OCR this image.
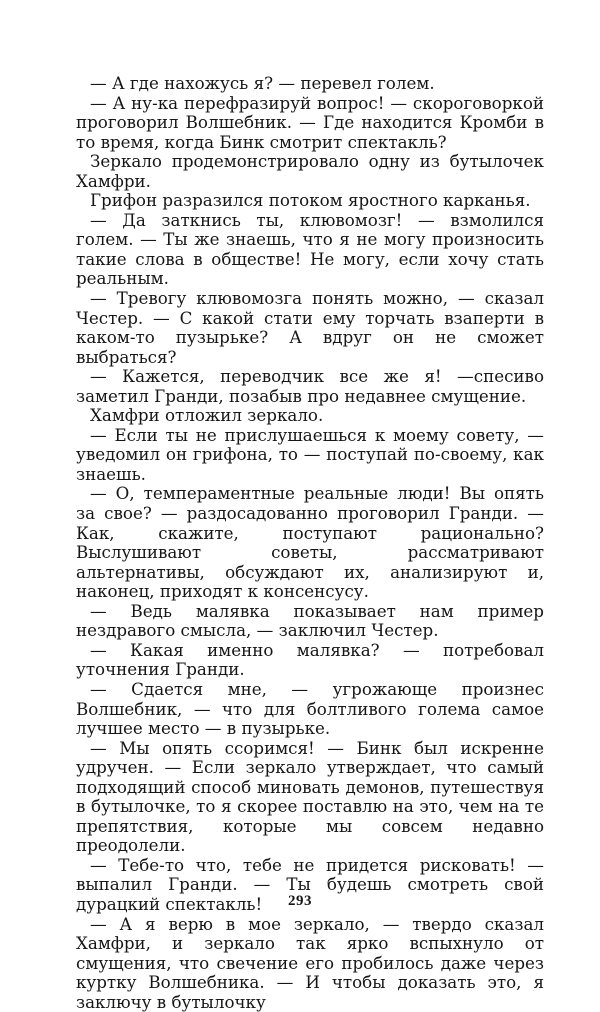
— А где нахожусь я? — перевел голем.

— А ну-ка перефразируй вопрос! — скороговоркой проговорил Волшебник. — Где находится Кромби в то время, когда Бинк смотрит спектакль?

Зеркало продемонстрировало одну из бутылочек Хамфри.

Грифон разразился потоком яростного карканья.

— Да заткнись ты, клювомозг! — взмолился голем. — Ты же знаешь, что я не могу произносить такие слова в обществе! Не могу, если хочу стать реальным.

— Тревогу клювомозга понять можно, — сказал Честер. — С какой стати ему торчать взаперти в каком-то пузырьке? А вдруг он не сможет выбраться?

— Кажется, переводчик все же я! —спесиво заметил Гранди, позабыв про недавнее смущение.

Хамфри отложил зеркало.

— Если ты не прислушаешься к моему совету, — уведомил он грифона, то — поступай по-своему, как знаешь.

— О, темпераментные реальные люди! Вы опять за свое? — раздосадованно проговорил Гранди. — Как, скажите, поступают рационально? Выслушивают советы, рассматривают альтернативы, обсуждают их, анализируют и, наконец, приходят к консенсусу.

— Ведь малявка показывает нам пример нездравого смысла, — заключил Честер.

— Какая именно малявка? — потребовал уточнения Гранди.

— Сдается мне, — угрожающе произнес Волшебник, — что для болтливого голема самое лучшее место — в пузырьке.

— Мы опять ссоримся! — Бинк был искренне удручен. — Если зеркало утверждает, что самый подходящий способ миновать демонов, путешествуя в бутылочке, то я скорее поставлю на это, чем на те препятствия, которые мы совсем недавно преодолели.

— Тебе-то что, тебе не придется рисковать! — выпалил Гранди. — Ты будешь смотреть свой дурацкий спектакль!

— А я верю в мое зеркало, — твердо сказал Хамфри, и зеркало так ярко вспыхнуло от смущения, что свечение его пробилось даже через куртку Волшебника. — И чтобы доказать это, я заключу в бутылочку

293
